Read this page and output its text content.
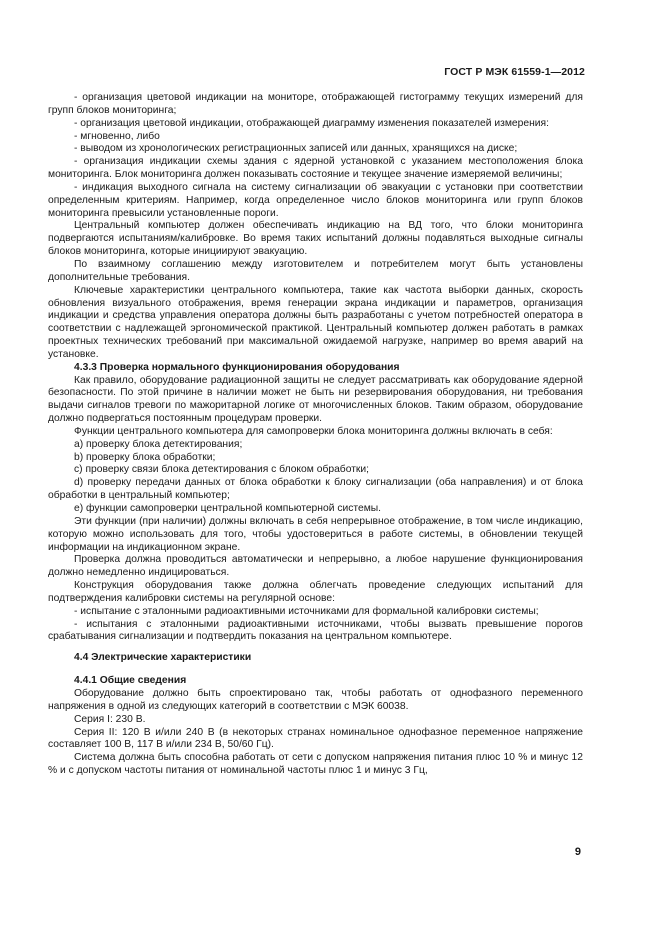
ГОСТ Р МЭК 61559-1—2012

- организация цветовой индикации на мониторе, отображающей гистограмму текущих измерений для групп блоков мониторинга;

- организация цветовой индикации, отображающей диаграмму изменения показателей измерения:

- мгновенно, либо

- выводом из хронологических регистрационных записей или данных, хранящихся на диске;

- организация индикации схемы здания с ядерной установкой с указанием местоположения блока мониторинга. Блок мониторинга должен показывать состояние и текущее значение измеряемой величины;

- индикация выходного сигнала на систему сигнализации об эвакуации с установки при соответствии определенным критериям. Например, когда определенное число блоков мониторинга или групп блоков мониторинга превысили установленные пороги.

Центральный компьютер должен обеспечивать индикацию на ВД того, что блоки мониторинга подвергаются испытаниям/калибровке. Во время таких испытаний должны подавляться выходные сигналы блоков мониторинга, которые инициируют эвакуацию.

По взаимному соглашению между изготовителем и потребителем могут быть установлены дополнительные требования.

Ключевые характеристики центрального компьютера, такие как частота выборки данных, скорость обновления визуального отображения, время генерации экрана индикации и параметров, организация индикации и средства управления оператора должны быть разработаны с учетом потребностей оператора в соответствии с надлежащей эргономической практикой. Центральный компьютер должен работать в рамках проектных технических требований при максимальной ожидаемой нагрузке, например во время аварий на установке.

4.3.3 Проверка нормального функционирования оборудования

Как правило, оборудование радиационной защиты не следует рассматривать как оборудование ядерной безопасности. По этой причине в наличии может не быть ни резервирования оборудования, ни требования выдачи сигналов тревоги по мажоритарной логике от многочисленных блоков. Таким образом, оборудование должно подвергаться постоянным процедурам проверки.

Функции центрального компьютера для самопроверки блока мониторинга должны включать в себя:

а) проверку блока детектирования;

b) проверку блока обработки;

с) проверку связи блока детектирования с блоком обработки;

d) проверку передачи данных от блока обработки к блоку сигнализации (оба направления) и от блока обработки в центральный компьютер;

е) функции самопроверки центральной компьютерной системы.

Эти функции (при наличии) должны включать в себя непрерывное отображение, в том числе индикацию, которую можно использовать для того, чтобы удостовериться в работе системы, в обновлении текущей информации на индикационном экране.

Проверка должна проводиться автоматически и непрерывно, а любое нарушение функционирования должно немедленно индицироваться.

Конструкция оборудования также должна облегчать проведение следующих испытаний для подтверждения калибровки системы на регулярной основе:

- испытание с эталонными радиоактивными источниками для формальной калибровки системы;

- испытания с эталонными радиоактивными источниками, чтобы вызвать превышение порогов срабатывания сигнализации и подтвердить показания на центральном компьютере.

4.4 Электрические характеристики

4.4.1 Общие сведения

Оборудование должно быть спроектировано так, чтобы работать от однофазного переменного напряжения в одной из следующих категорий в соответствии с МЭК 60038.

Серия I: 230 В.

Серия II: 120 В и/или 240 В (в некоторых странах номинальное однофазное переменное напряжение составляет 100 В, 117 В и/или 234 В, 50/60 Гц).

Система должна быть способна работать от сети с допуском напряжения питания плюс 10 % и минус 12 % и с допуском частоты питания от номинальной частоты плюс 1 и минус 3 Гц,

9
